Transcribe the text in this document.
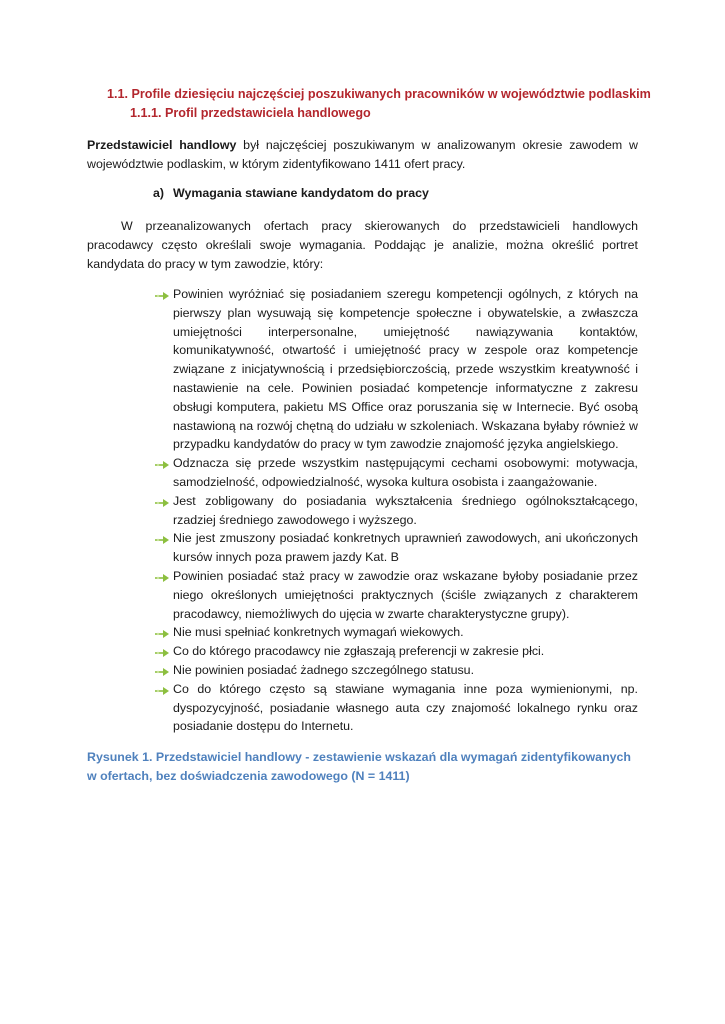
1.1. Profile dziesięciu najczęściej poszukiwanych pracowników w województwie podlaskim
1.1.1. Profil przedstawiciela handlowego

Przedstawiciel handlowy był najczęściej poszukiwanym w analizowanym okresie zawodem w województwie podlaskim, w którym zidentyfikowano 1411 ofert pracy.

a) Wymagania stawiane kandydatom do pracy

W przeanalizowanych ofertach pracy skierowanych do przedstawicieli handlowych pracodawcy często określali swoje wymagania. Poddając je analizie, można określić portret kandydata do pracy w tym zawodzie, który:

Powinien wyróżniać się posiadaniem szeregu kompetencji ogólnych, z których na pierwszy plan wysuwają się kompetencje społeczne i obywatelskie, a zwłaszcza umiejętności interpersonalne, umiejętność nawiązywania kontaktów, komunikatywność, otwartość i umiejętność pracy w zespole oraz kompetencje związane z inicjatywnością i przedsiębiorczością, przede wszystkim kreatywność i nastawienie na cele. Powinien posiadać kompetencje informatyczne z zakresu obsługi komputera, pakietu MS Office oraz poruszania się w Internecie. Być osobą nastawioną na rozwój chętną do udziału w szkoleniach. Wskazana byłaby również w przypadku kandydatów do pracy w tym zawodzie znajomość języka angielskiego.
Odznacza się przede wszystkim następującymi cechami osobowymi: motywacja, samodzielność, odpowiedzialność, wysoka kultura osobista i zaangażowanie.
Jest zobligowany do posiadania wykształcenia średniego ogólnokształcącego, rzadziej średniego zawodowego i wyższego.
Nie jest zmuszony posiadać konkretnych uprawnień zawodowych, ani ukończonych kursów innych poza prawem jazdy Kat. B
Powinien posiadać staż pracy w zawodzie oraz wskazane byłoby posiadanie przez niego określonych umiejętności praktycznych (ściśle związanych z charakterem pracodawcy, niemożliwych do ujęcia w zwarte charakterystyczne grupy).
Nie musi spełniać konkretnych wymagań wiekowych.
Co do którego pracodawcy nie zgłaszają preferencji w zakresie płci.
Nie powinien posiadać żadnego szczególnego statusu.
Co do którego często są stawiane wymagania inne poza wymienionymi, np. dyspozycyjność, posiadanie własnego auta czy znajomość lokalnego rynku oraz posiadanie dostępu do Internetu.
Rysunek 1. Przedstawiciel handlowy - zestawienie wskazań dla wymagań zidentyfikowanych w ofertach, bez doświadczenia zawodowego (N = 1411)
